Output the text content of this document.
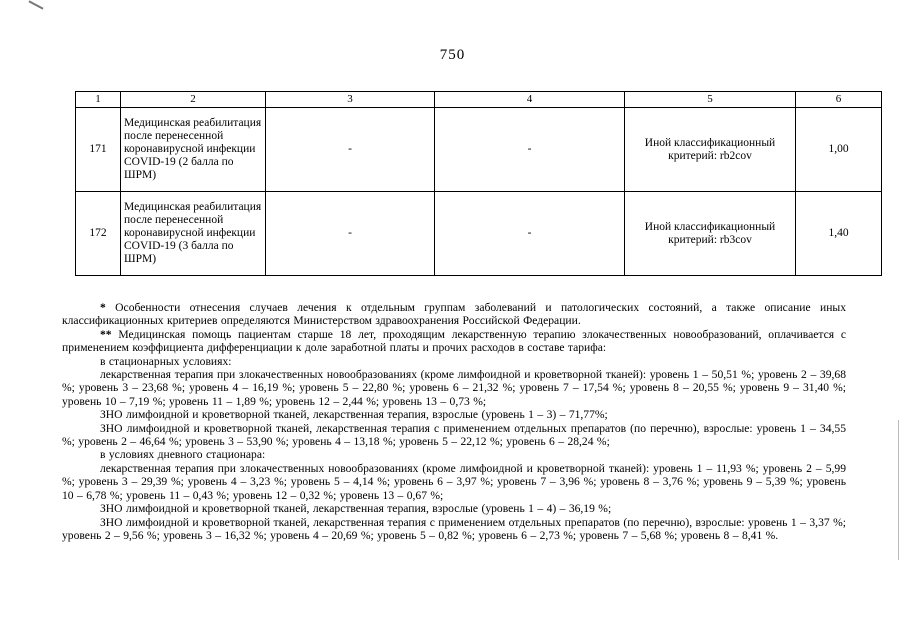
750
1	2	3	4	5	6
171	Медицинская реабилитация после перенесенной коронавирусной инфекции COVID-19 (2 балла по ШРМ)	-	-	Иной классификационный критерий: rb2cov	1,00
172	Медицинская реабилитация после перенесенной коронавирусной инфекции COVID-19 (3 балла по ШРМ)	-	-	Иной классификационный критерий: rb3cov	1,40

* Особенности отнесения случаев лечения к отдельным группам заболеваний и патологических состояний, а также описание иных классификационных критериев определяются Министерством здравоохранения Российской Федерации.

** Медицинская помощь пациентам старше 18 лет, проходящим лекарственную терапию злокачественных новообразований, оплачивается с применением коэффициента дифференциации к доле заработной платы и прочих расходов в составе тарифа:

в стационарных условиях:

лекарственная терапия при злокачественных новообразованиях (кроме лимфоидной и кроветворной тканей): уровень 1 – 50,51 %; уровень 2 – 39,68 %; уровень 3 – 23,68 %; уровень 4 – 16,19 %; уровень 5 – 22,80 %; уровень 6 – 21,32 %; уровень 7 – 17,54 %; уровень 8 – 20,55 %; уровень 9 – 31,40 %; уровень 10 – 7,19 %; уровень 11 – 1,89 %; уровень 12 – 2,44 %; уровень 13 – 0,73 %;

ЗНО лимфоидной и кроветворной тканей, лекарственная терапия, взрослые (уровень 1 – 3) – 71,77%;

ЗНО лимфоидной и кроветворной тканей, лекарственная терапия с применением отдельных препаратов (по перечню), взрослые: уровень 1 – 34,55 %; уровень 2 – 46,64 %; уровень 3 – 53,90 %; уровень 4 – 13,18 %; уровень 5 – 22,12 %; уровень 6 – 28,24 %;

в условиях дневного стационара:

лекарственная терапия при злокачественных новообразованиях (кроме лимфоидной и кроветворной тканей): уровень 1 – 11,93 %; уровень 2 – 5,99 %; уровень 3 – 29,39 %; уровень 4 – 3,23 %; уровень 5 – 4,14 %; уровень 6 – 3,97 %; уровень 7 – 3,96 %; уровень 8 – 3,76 %; уровень 9 – 5,39 %; уровень 10 – 6,78 %; уровень 11 – 0,43 %; уровень 12 – 0,32 %; уровень 13 – 0,67 %;

ЗНО лимфоидной и кроветворной тканей, лекарственная терапия, взрослые (уровень 1 – 4) – 36,19 %;

ЗНО лимфоидной и кроветворной тканей, лекарственная терапия с применением отдельных препаратов (по перечню), взрослые: уровень 1 – 3,37 %; уровень 2 – 9,56 %; уровень 3 – 16,32 %; уровень 4 – 20,69 %; уровень 5 – 0,82 %; уровень 6 – 2,73 %; уровень 7 – 5,68 %; уровень 8 – 8,41 %.
